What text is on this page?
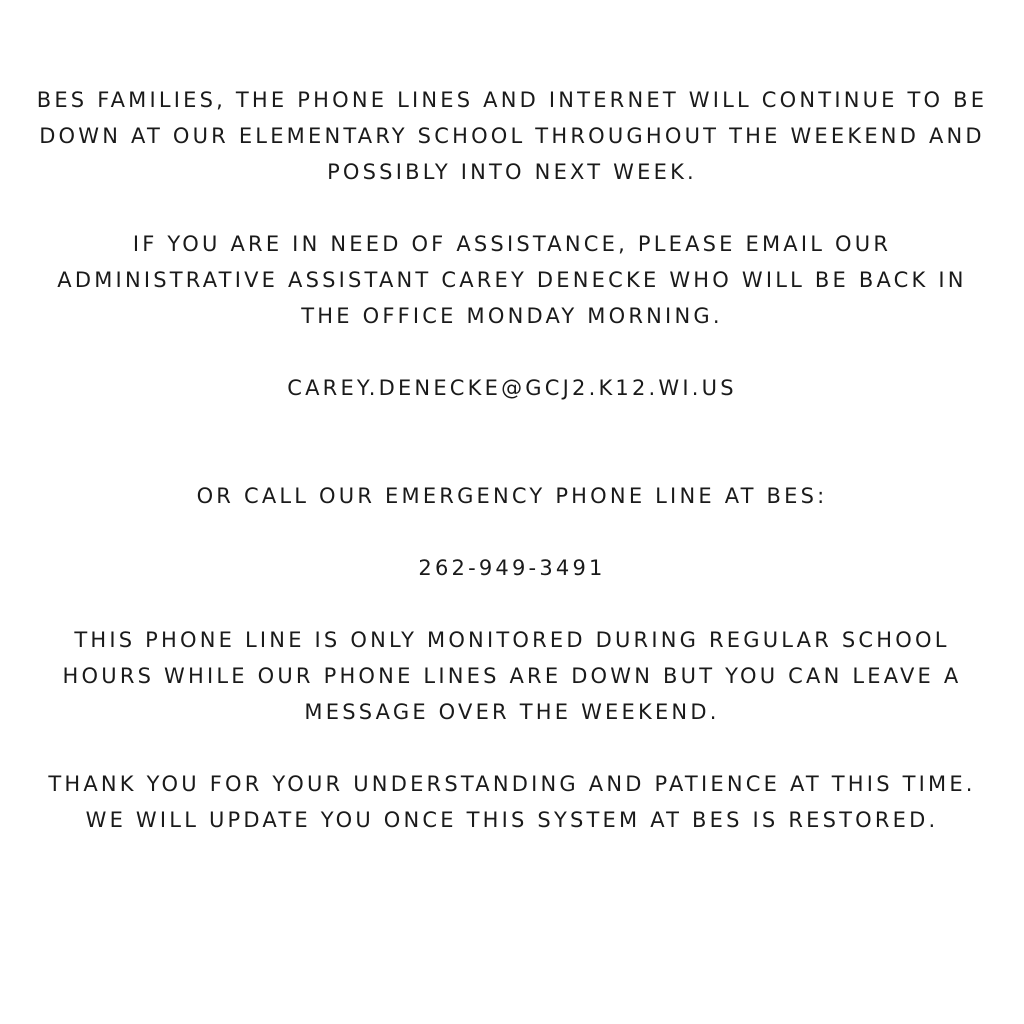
BES FAMILIES, THE PHONE LINES AND INTERNET WILL CONTINUE TO BE
DOWN AT OUR ELEMENTARY SCHOOL THROUGHOUT THE WEEKEND AND
POSSIBLY INTO NEXT WEEK.

IF YOU ARE IN NEED OF ASSISTANCE, PLEASE EMAIL OUR
ADMINISTRATIVE ASSISTANT CAREY DENECKE WHO WILL BE BACK IN
THE OFFICE MONDAY MORNING.

CAREY.DENECKE@GCJ2.K12.WI.US

OR CALL OUR EMERGENCY PHONE LINE AT BES:

262-949-3491

THIS PHONE LINE IS ONLY MONITORED DURING REGULAR SCHOOL
HOURS WHILE OUR PHONE LINES ARE DOWN BUT YOU CAN LEAVE A
MESSAGE OVER THE WEEKEND.

THANK YOU FOR YOUR UNDERSTANDING AND PATIENCE AT THIS TIME.
WE WILL UPDATE YOU ONCE THIS SYSTEM AT BES IS RESTORED.
